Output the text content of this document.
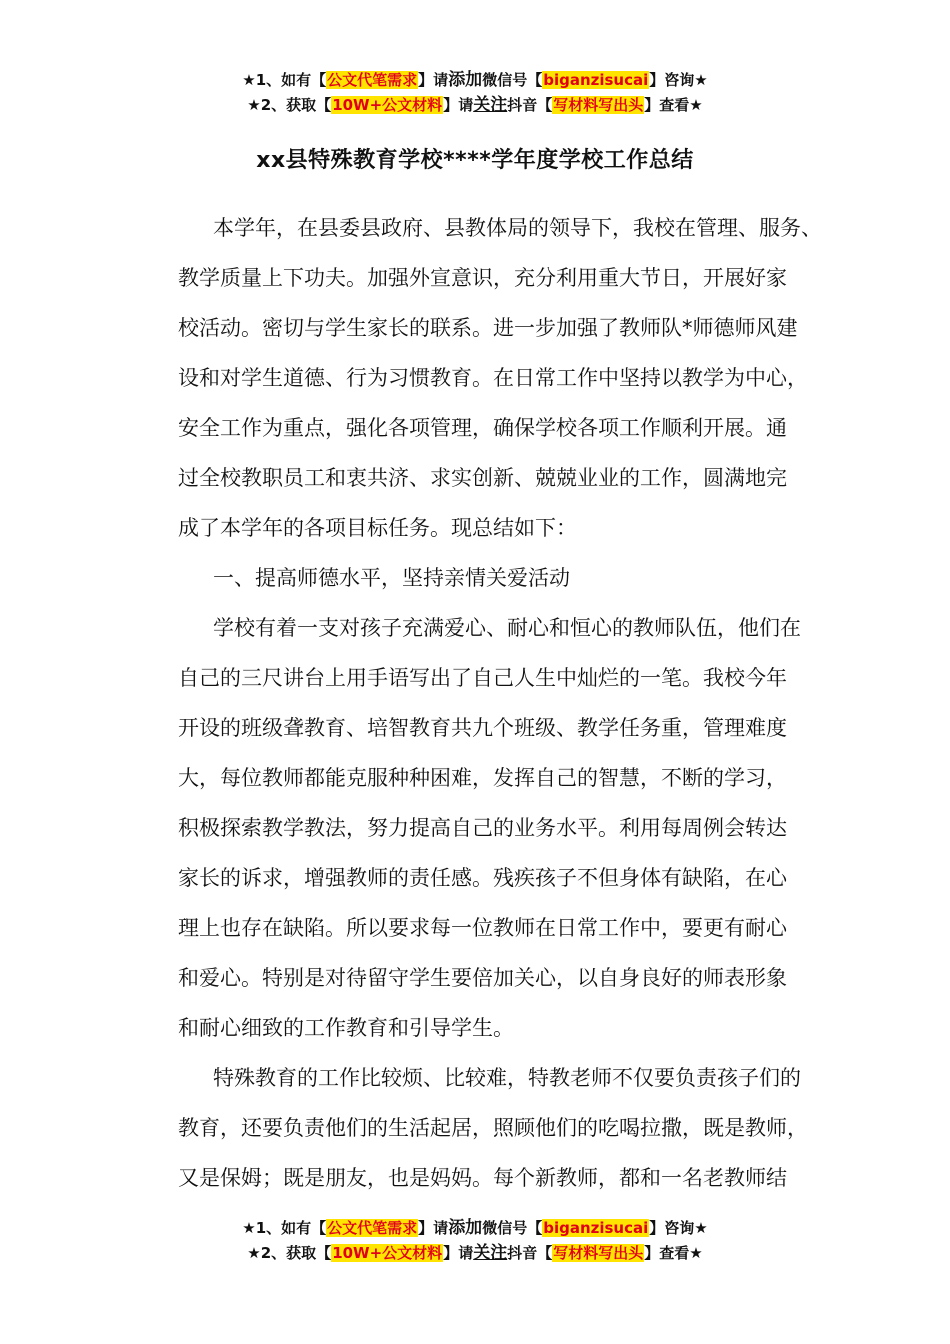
★1、如有【公文代笔需求】请添加微信号【biganzisucai】咨询★
★2、获取【10W+公文材料】请关注抖音【写材料写出头】查看★
xx县特殊教育学校****学年度学校工作总结
本学年，在县委县政府、县教体局的领导下，我校在管理、服务、
教学质量上下功夫。加强外宣意识，充分利用重大节日，开展好家
校活动。密切与学生家长的联系。进一步加强了教师队*师德师风建
设和对学生道德、行为习惯教育。在日常工作中坚持以教学为中心，
安全工作为重点，强化各项管理，确保学校各项工作顺利开展。通
过全校教职员工和衷共济、求实创新、兢兢业业的工作，圆满地完
成了本学年的各项目标任务。现总结如下：
一、提高师德水平，坚持亲情关爱活动
学校有着一支对孩子充满爱心、耐心和恒心的教师队伍，他们在
自己的三尺讲台上用手语写出了自己人生中灿烂的一笔。我校今年
开设的班级聋教育、培智教育共九个班级、教学任务重，管理难度
大，每位教师都能克服种种困难，发挥自己的智慧，不断的学习，
积极探索教学教法，努力提高自己的业务水平。利用每周例会转达
家长的诉求，增强教师的责任感。残疾孩子不但身体有缺陷，在心
理上也存在缺陷。所以要求每一位教师在日常工作中，要更有耐心
和爱心。特别是对待留守学生要倍加关心，以自身良好的师表形象
和耐心细致的工作教育和引导学生。
特殊教育的工作比较烦、比较难，特教老师不仅要负责孩子们的
教育，还要负责他们的生活起居，照顾他们的吃喝拉撒，既是教师，
又是保姆；既是朋友，也是妈妈。每个新教师，都和一名老教师结
★1、如有【公文代笔需求】请添加微信号【biganzisucai】咨询★
★2、获取【10W+公文材料】请关注抖音【写材料写出头】查看★
